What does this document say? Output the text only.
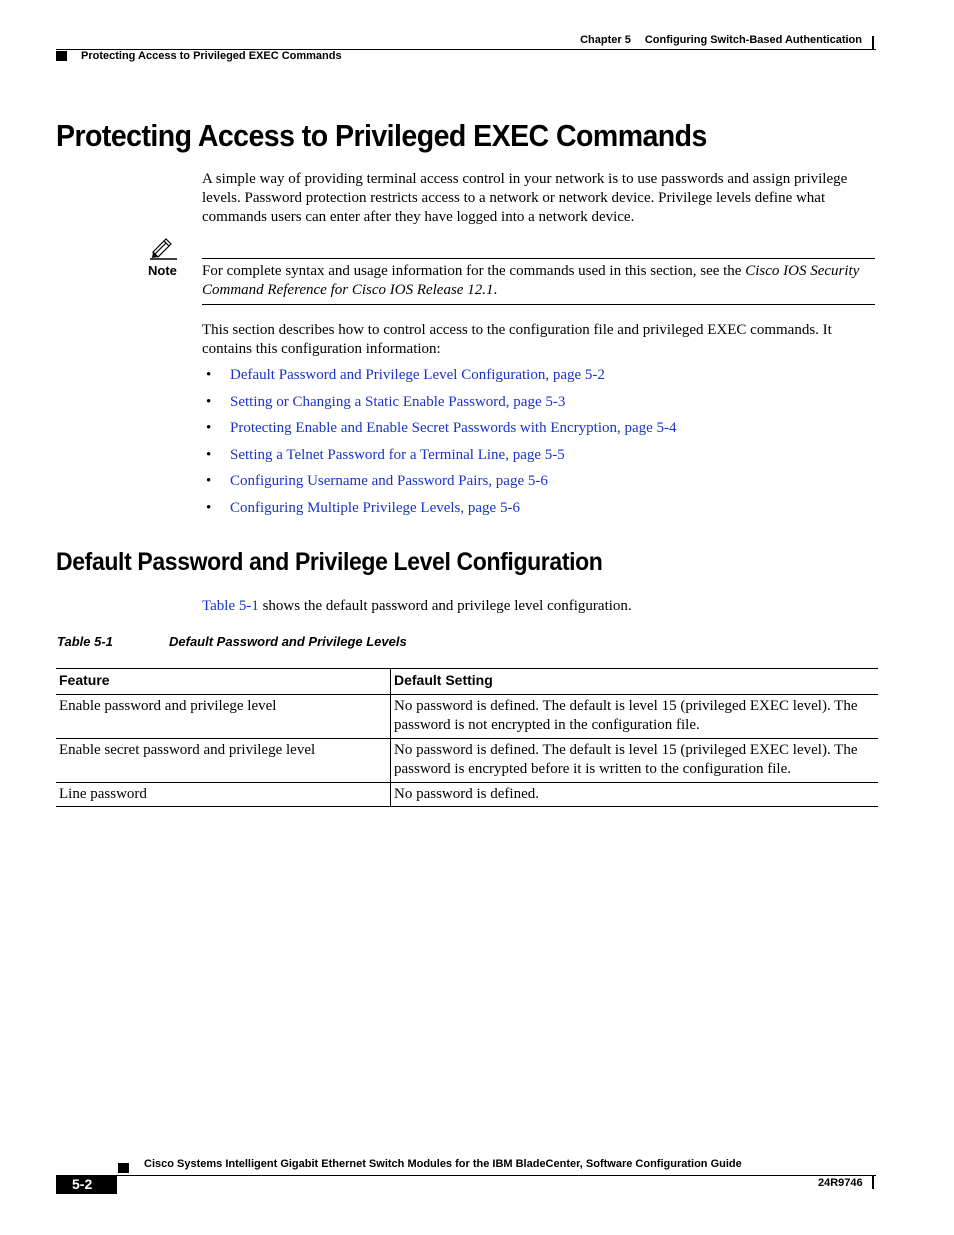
Chapter 5 Configuring Switch-Based Authentication
Protecting Access to Privileged EXEC Commands
Protecting Access to Privileged EXEC Commands
A simple way of providing terminal access control in your network is to use passwords and assign privilege levels. Password protection restricts access to a network or network device. Privilege levels define what commands users can enter after they have logged into a network device.
Note For complete syntax and usage information for the commands used in this section, see the Cisco IOS Security Command Reference for Cisco IOS Release 12.1.
This section describes how to control access to the configuration file and privileged EXEC commands. It contains this configuration information:
• Default Password and Privilege Level Configuration, page 5-2
• Setting or Changing a Static Enable Password, page 5-3
• Protecting Enable and Enable Secret Passwords with Encryption, page 5-4
• Setting a Telnet Password for a Terminal Line, page 5-5
• Configuring Username and Password Pairs, page 5-6
• Configuring Multiple Privilege Levels, page 5-6
Default Password and Privilege Level Configuration
Table 5-1 shows the default password and privilege level configuration.
Table 5-1	Default Password and Privilege Levels
Feature	Default Setting
Enable password and privilege level	No password is defined. The default is level 15 (privileged EXEC level). The password is not encrypted in the configuration file.
Enable secret password and privilege level	No password is defined. The default is level 15 (privileged EXEC level). The password is encrypted before it is written to the configuration file.
Line password	No password is defined.
Cisco Systems Intelligent Gigabit Ethernet Switch Modules for the IBM BladeCenter, Software Configuration Guide
5-2	24R9746
